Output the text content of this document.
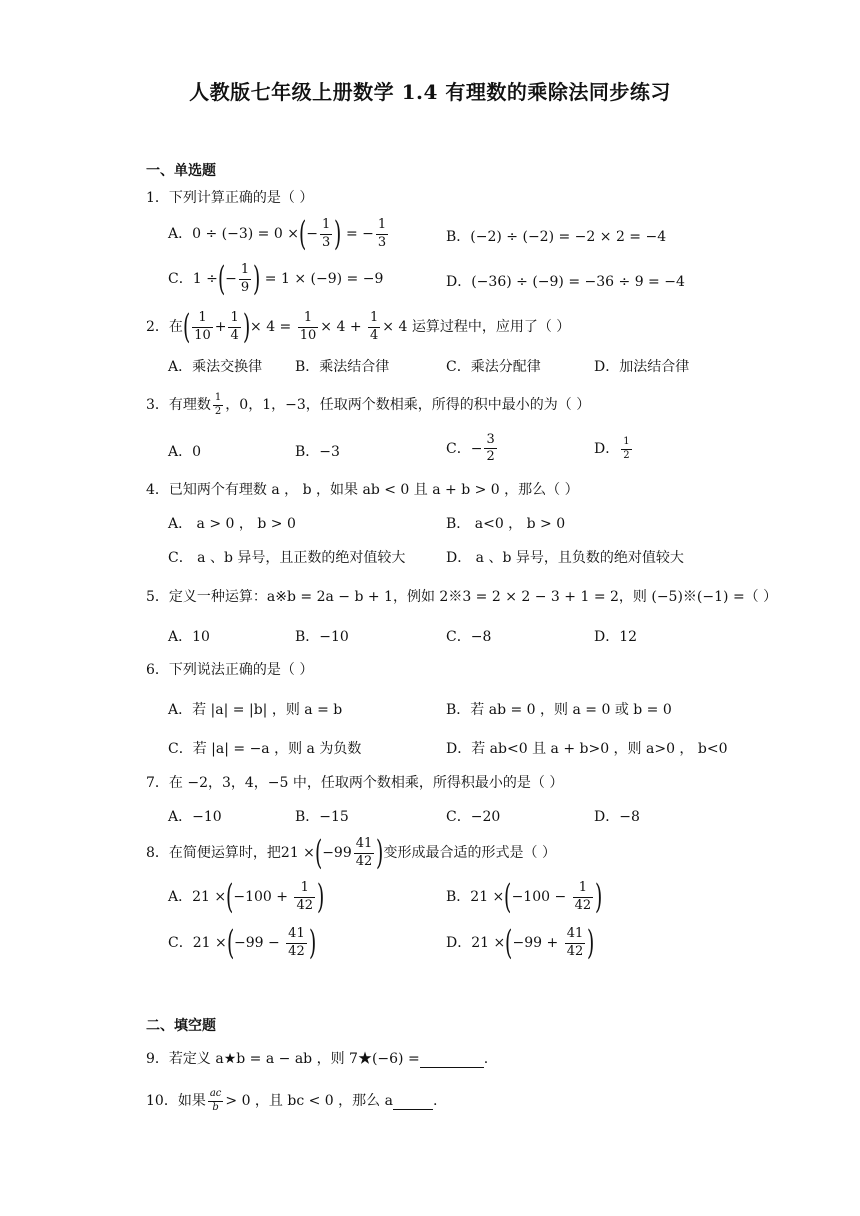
人教版七年级上册数学 1.4 有理数的乘除法同步练习
一、单选题
1．下列计算正确的是（ ）
A．0 ÷ (−3) = 0 ×(− $\frac{1}{3}$ ) = − $\frac{1}{3}$	B．(−2) ÷ (−2) = −2 × 2 = −4
C．1 ÷(− $\frac{1}{9}$ ) = 1 × (−9) = −9	D．(−36) ÷ (−9) = −36 ÷ 9 = −4
2．在( $\frac{1}{10} + \frac{1}{4}$ )× $4 = \frac{1}{10} \times 4 + \frac{1}{4} \times 4$ 运算过程中，应用了（ ）
A．乘法交换律 B．乘法结合律	C．乘法分配律	D．加法结合律
3．有理数 $\frac{1}{2}$ ，0，1，−3，任取两个数相乘，所得的积中最小的为（ ）
A．0	B．−3	C．− $\frac{3}{2}$	D． $\frac{1}{2}$
4．已知两个有理数 a ， b ，如果 ab < 0 且 a + b > 0 ，那么（ ）
A． a > 0 ， b > 0	B． a<0 ， b > 0
C． a 、b 异号，且正数的绝对值较大	D． a 、b 异号，且负数的绝对值较大
5．定义一种运算：a※b = 2a − b + 1，例如 2※3 = 2 × 2 − 3 + 1 = 2，则 (−5)※(−1) =（ ）
A．10	B．−10	C．−8	D．12
6．下列说法正确的是（ ）
A．若 |a| = |b| ，则 a = b	B．若 ab = 0 ，则 a = 0 或 b = 0
C．若 |a| = −a ，则 a 为负数	D．若 ab<0 且 a + b>0 ，则 a>0 ， b<0
7．在 −2，3，4，−5 中，任取两个数相乘，所得积最小的是（ ）
A．−10	B．−15	C．−20	D．−8
8．在简便运算时，把$21 \times(-99 \frac{41}{42}$ )变形成最合适的形式是（ ）
A．$21 \times(-100 + \frac{1}{42}$ )	B．$21 \times(-100 - \frac{1}{42}$ )
C．$21 \times(-99 - \frac{41}{42}$ )	D．$21 \times(-99 + \frac{41}{42}$ )
二、填空题
9．若定义 a★b = a − ab ，则 7★(−6) =	.
10．如果 $\frac{ac}{b} > 0$ ，且 bc < 0 ，那么 a	.
